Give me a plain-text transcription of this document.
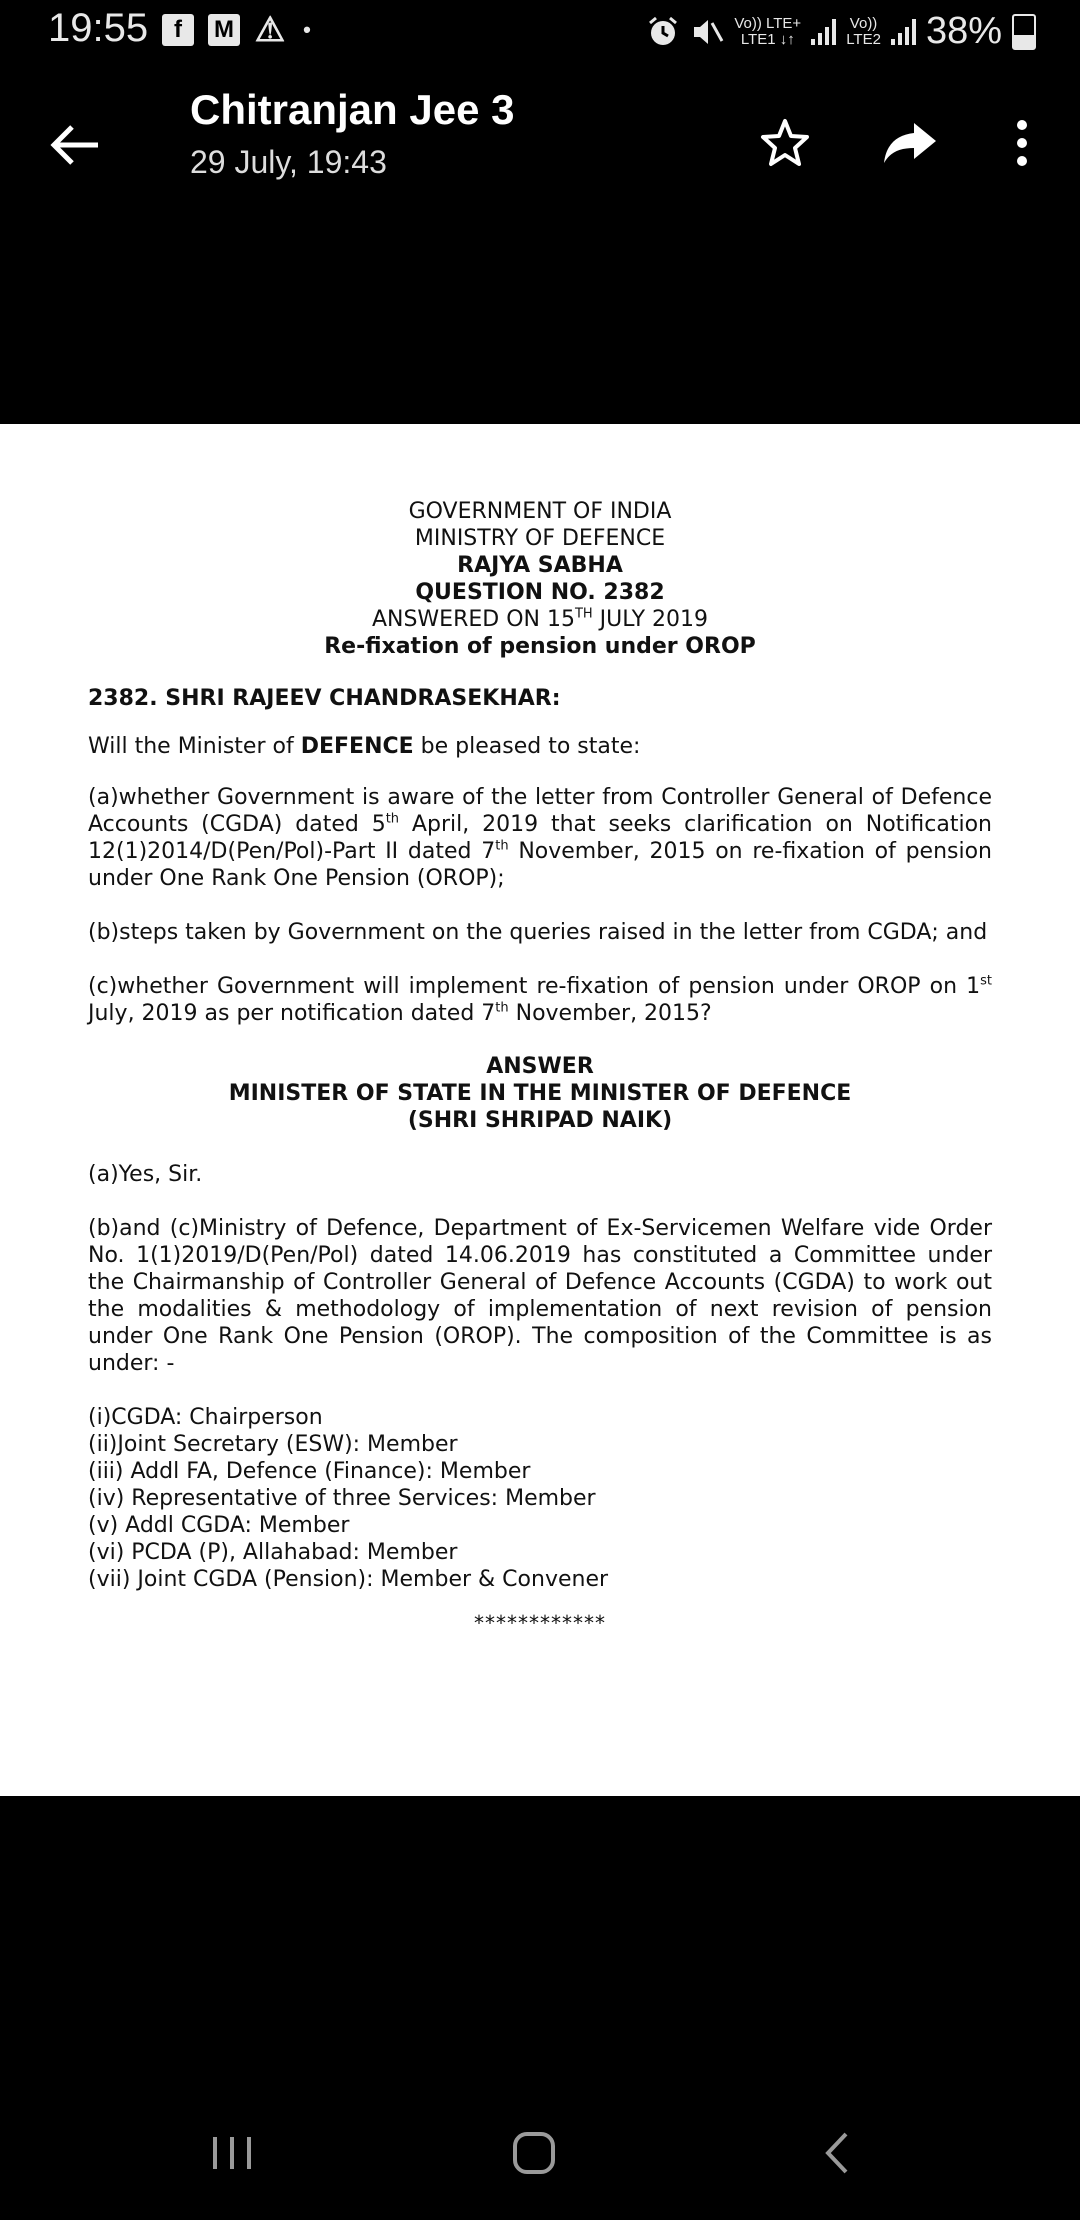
19:55	f	M ⚠ •	Vo)) LTE+
LTE1 ↓↑
Vo))
LTE2 38%
Chitranjan Jee 3
29 July, 19:43
GOVERNMENT OF INDIA
MINISTRY OF DEFENCE
RAJYA SABHA
QUESTION NO. 2382
ANSWERED ON 15TH JULY 2019
Re-fixation of pension under OROP
2382. SHRI RAJEEV CHANDRASEKHAR:
Will the Minister of DEFENCE be pleased to state:
(a)whether Government is aware of the letter from Controller General of Defence Accounts (CGDA) dated 5th April, 2019 that seeks clarification on Notification 12(1)2014/D(Pen/Pol)-Part II dated 7th November, 2015 on re-fixation of pension under One Rank One Pension (OROP);
(b)steps taken by Government on the queries raised in the letter from CGDA; and
(c)whether Government will implement re-fixation of pension under OROP on 1st July, 2019 as per notification dated 7th November, 2015?
ANSWER
MINISTER OF STATE IN THE MINISTER OF DEFENCE
(SHRI SHRIPAD NAIK)
(a)Yes, Sir.
(b)and (c)Ministry of Defence, Department of Ex-Servicemen Welfare vide Order No. 1(1)2019/D(Pen/Pol) dated 14.06.2019 has constituted a Committee under the Chairmanship of Controller General of Defence Accounts (CGDA) to work out the modalities & methodology of implementation of next revision of pension under One Rank One Pension (OROP). The composition of the Committee is as under: -
(i)CGDA: Chairperson
(ii)Joint Secretary (ESW): Member
(iii) Addl FA, Defence (Finance): Member
(iv) Representative of three Services: Member
(v) Addl CGDA: Member
(vi) PCDA (P), Allahabad: Member
(vii) Joint CGDA (Pension): Member & Convener
************
